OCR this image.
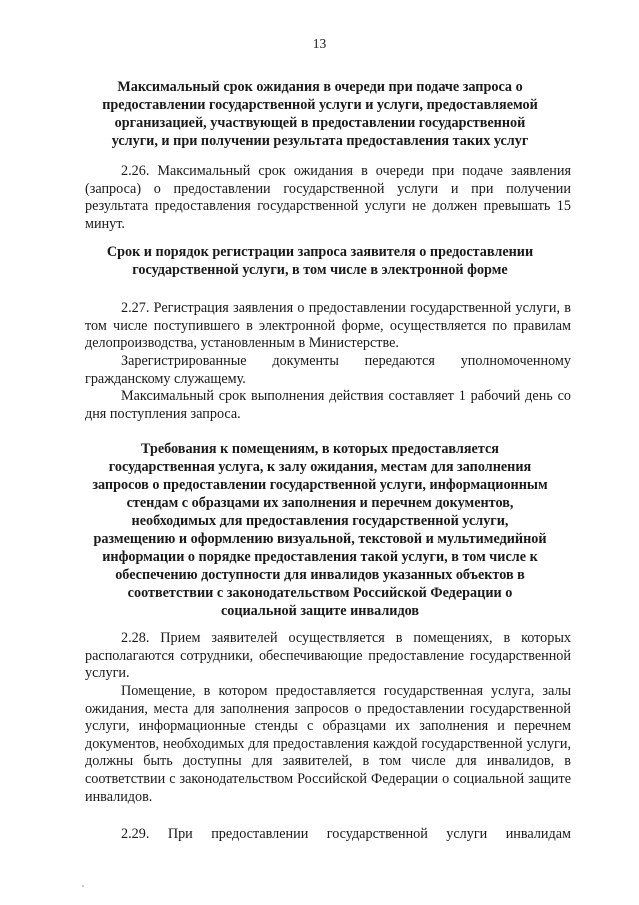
13

Максимальный срок ожидания в очереди при подаче запроса о
предоставлении государственной услуги и услуги, предоставляемой
организацией, участвующей в предоставлении государственной
услуги, и при получении результата предоставления таких услуг

2.26. Максимальный срок ожидания в очереди при подаче заявления (запроса) о предоставлении государственной услуги и при получении результата предоставления государственной услуги не должен превышать 15 минут.

Срок и порядок регистрации запроса заявителя о предоставлении
государственной услуги, в том числе в электронной форме

2.27. Регистрация заявления о предоставлении государственной услуги, в том числе поступившего в электронной форме, осуществляется по правилам делопроизводства, установленным в Министерстве.

Зарегистрированные документы передаются уполномоченному гражданскому служащему.

Максимальный срок выполнения действия составляет 1 рабочий день со дня поступления запроса.

Требования к помещениям, в которых предоставляется
государственная услуга, к залу ожидания, местам для заполнения
запросов о предоставлении государственной услуги, информационным
стендам с образцами их заполнения и перечнем документов,
необходимых для предоставления государственной услуги,
размещению и оформлению визуальной, текстовой и мультимедийной
информации о порядке предоставления такой услуги, в том числе к
обеспечению доступности для инвалидов указанных объектов в
соответствии с законодательством Российской Федерации о
социальной защите инвалидов

2.28. Прием заявителей осуществляется в помещениях, в которых располагаются сотрудники, обеспечивающие предоставление государственной услуги.

Помещение, в котором предоставляется государственная услуга, залы ожидания, места для заполнения запросов о предоставлении государственной услуги, информационные стенды с образцами их заполнения и перечнем документов, необходимых для предоставления каждой государственной услуги, должны быть доступны для заявителей, в том числе для инвалидов, в соответствии с законодательством Российской Федерации о социальной защите инвалидов.

2.29. При предоставлении государственной услуги инвалидам
